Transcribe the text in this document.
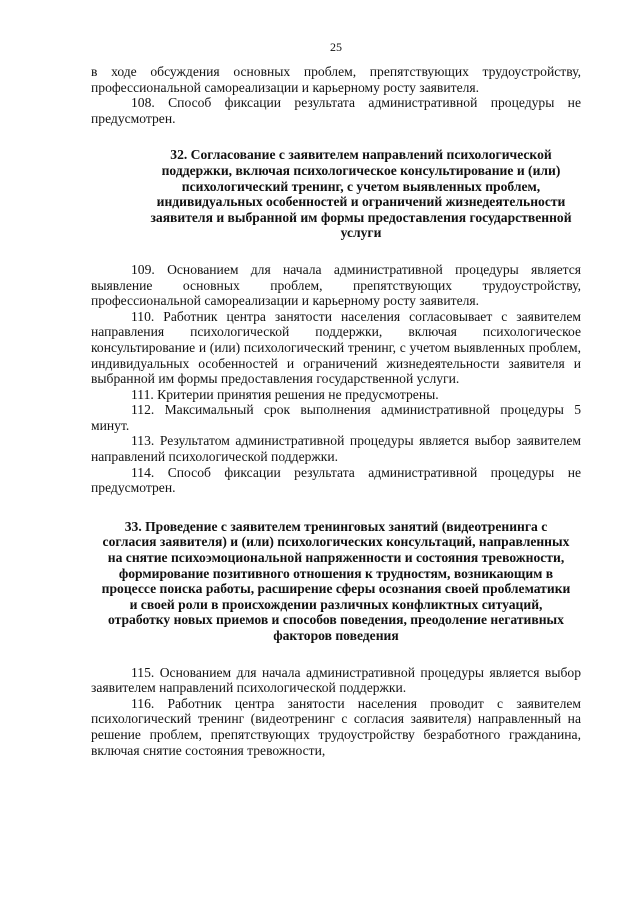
25

в ходе обсуждения основных проблем, препятствующих трудоустройству, профессиональной самореализации и карьерному росту заявителя.

108. Способ фиксации результата административной процедуры не предусмотрен.

32. Согласование с заявителем направлений психологической поддержки, включая психологическое консультирование и (или) психологический тренинг, с учетом выявленных проблем, индивидуальных особенностей и ограничений жизнедеятельности заявителя и выбранной им формы предоставления государственной услуги

109. Основанием для начала административной процедуры является выявление основных проблем, препятствующих трудоустройству, профессиональной самореализации и карьерному росту заявителя.

110. Работник центра занятости населения согласовывает с заявителем направления психологической поддержки, включая психологическое консультирование и (или) психологический тренинг, с учетом выявленных проблем, индивидуальных особенностей и ограничений жизнедеятельности заявителя и выбранной им формы предоставления государственной услуги.

111. Критерии принятия решения не предусмотрены.

112. Максимальный срок выполнения административной процедуры 5 минут.

113. Результатом административной процедуры является выбор заявителем направлений психологической поддержки.

114. Способ фиксации результата административной процедуры не предусмотрен.

33. Проведение с заявителем тренинговых занятий (видеотренинга с согласия заявителя) и (или) психологических консультаций, направленных на снятие психоэмоциональной напряженности и состояния тревожности, формирование позитивного отношения к трудностям, возникающим в процессе поиска работы, расширение сферы осознания своей проблематики и своей роли в происхождении различных конфликтных ситуаций, отработку новых приемов и способов поведения, преодоление негативных факторов поведения

115. Основанием для начала административной процедуры является выбор заявителем направлений психологической поддержки.

116. Работник центра занятости населения проводит с заявителем психологический тренинг (видеотренинг с согласия заявителя) направленный на решение проблем, препятствующих трудоустройству безработного гражданина, включая снятие состояния тревожности,
